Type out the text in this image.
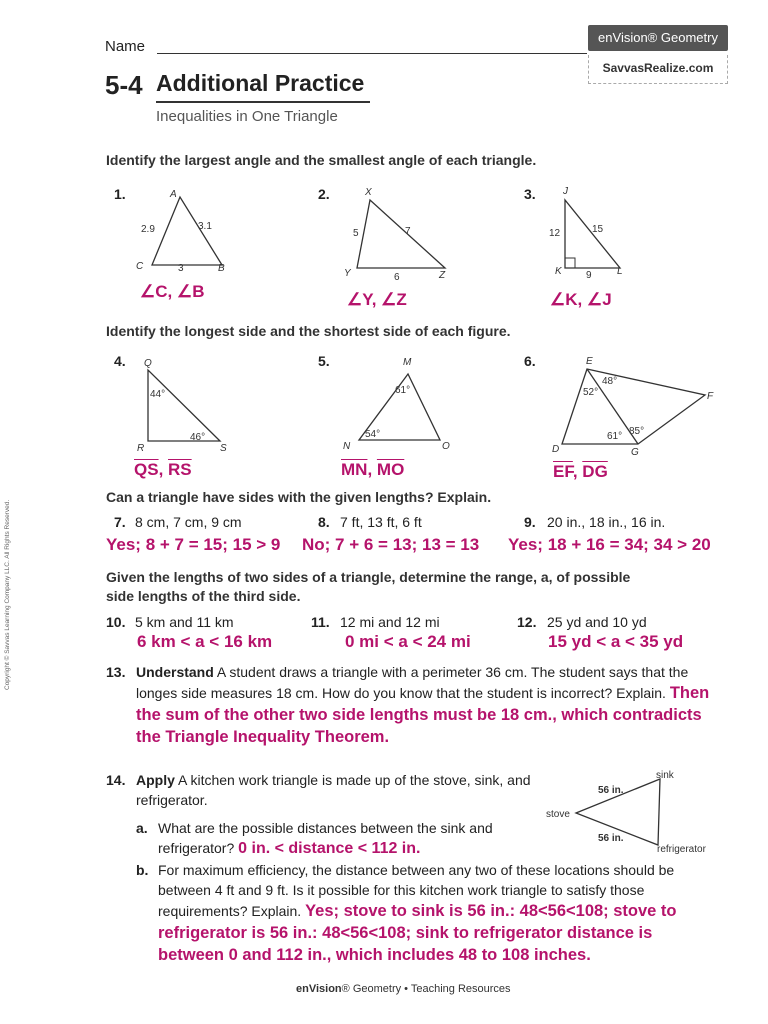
Name
enVision® Geometry
SavvasRealize.com
5-4 Additional Practice
Inequalities in One Triangle
Identify the largest angle and the smallest angle of each triangle.
1.	A
C	B
2.9	3.1
3
∠C, ∠B
2.	X
Y	Z
5	7
6
∠Y, ∠Z
3.	J
K	L
12	15
9
∠K, ∠J
Identify the longest side and the shortest side of each figure.
4. Q
R	S
44°
46°
$\overline{QS}$, $\overline{RS}$
5.	M
N	O
61°
54°
$\overline{MN}$, $\overline{MO}$
6.	E
F
D	G
48°
52°
61° 85°
$\overline{EF}$, $\overline{DG}$
Can a triangle have sides with the given lengths? Explain.
7. 8 cm, 7 cm, 9 cm
Yes; 8 + 7 = 15; 15 > 9
8. 7 ft, 13 ft, 6 ft
No; 7 + 6 = 13; 13 = 13
9. 20 in., 18 in., 16 in.
Yes; 18 + 16 = 34; 34 > 20
Given the lengths of two sides of a triangle, determine the range, a, of possible
side lengths of the third side.
10. 5 km and 11 km
6 km < a < 16 km
11. 12 mi and 12 mi
0 mi < a < 24 mi
12. 25 yd and 10 yd
15 yd < a < 35 yd
13. Understand A student draws a triangle with a perimeter 36 cm. The student says that the longes side measures 18 cm. How do you know that the student is incorrect? Explain. Then the sum of the other two side lengths must be 18 cm., which contradicts the Triangle Inequality Theorem.
14. Apply A kitchen work triangle is made up of the stove, sink, and refrigerator.
sink
stove
refrigerator
56 in.
56 in.
a. What are the possible distances between the sink and refrigerator? 0 in. < distance < 112 in.
b. For maximum efficiency, the distance between any two of these locations should be between 4 ft and 9 ft. Is it possible for this kitchen work triangle to satisfy those requirements? Explain. Yes; stove to sink is 56 in.: 48<56<108; stove to refrigerator is 56 in.: 48<56<108; sink to refrigerator distance is between 0 and 112 in., which includes 48 to 108 inches.
Copyright © Savvas Learning Company LLC. All Rights Reserved.
enVision® Geometry • Teaching Resources
